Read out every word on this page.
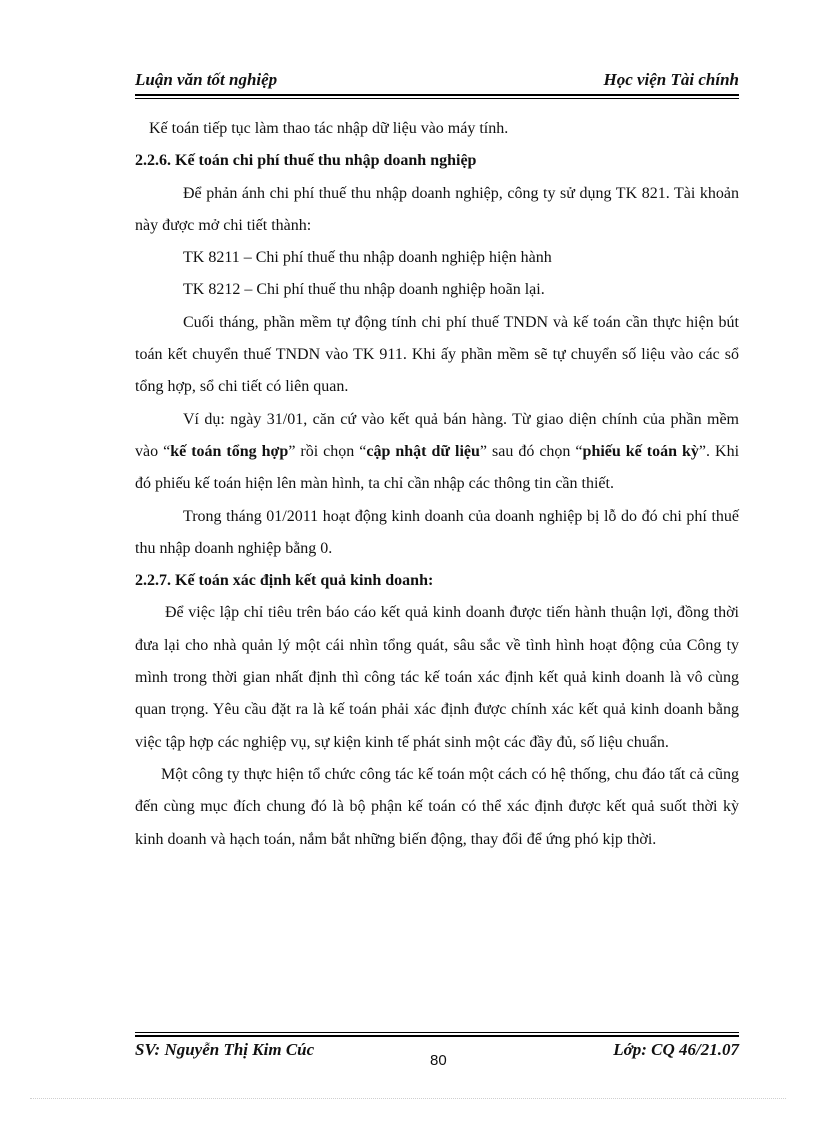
Luận văn tốt nghiệp	Học viện Tài chính

Kế toán tiếp tục làm thao tác nhập dữ liệu vào máy tính.

2.2.6. Kế toán chi phí thuế thu nhập doanh nghiệp

Để phản ánh chi phí thuế thu nhập doanh nghiệp, công ty sử dụng TK 821. Tài khoản này được mở chi tiết thành:

TK 8211 – Chi phí thuế thu nhập doanh nghiệp hiện hành

TK 8212 – Chi phí thuế thu nhập doanh nghiệp hoãn lại.

Cuối tháng, phần mềm tự động tính chi phí thuế TNDN và kế toán cần thực hiện bút toán kết chuyển thuế TNDN vào TK 911. Khi ấy phần mềm sẽ tự chuyển số liệu vào các sổ tổng hợp, sổ chi tiết có liên quan.

Ví dụ: ngày 31/01, căn cứ vào kết quả bán hàng. Từ giao diện chính của phần mềm vào “kế toán tổng hợp” rồi chọn “cập nhật dữ liệu” sau đó chọn “phiếu kế toán kỳ”. Khi đó phiếu kế toán hiện lên màn hình, ta chỉ cần nhập các thông tin cần thiết.

Trong tháng 01/2011 hoạt động kinh doanh của doanh nghiệp bị lỗ do đó chi phí thuế thu nhập doanh nghiệp bằng 0.

2.2.7. Kế toán xác định kết quả kinh doanh:

Để việc lập chỉ tiêu trên báo cáo kết quả kinh doanh được tiến hành thuận lợi, đồng thời đưa lại cho nhà quản lý một cái nhìn tổng quát, sâu sắc về tình hình hoạt động của Công ty mình trong thời gian nhất định thì công tác kế toán xác định kết quả kinh doanh là vô cùng quan trọng. Yêu cầu đặt ra là kế toán phải xác định được chính xác kết quả kinh doanh bằng việc tập hợp các nghiệp vụ, sự kiện kinh tế phát sinh một các đầy đủ, số liệu chuẩn.

Một công ty thực hiện tổ chức công tác kế toán một cách có hệ thống, chu đáo tất cả cũng đến cùng mục đích chung đó là bộ phận kế toán có thể xác định được kết quả suốt thời kỳ kinh doanh và hạch toán, nắm bắt những biến động, thay đổi để ứng phó kịp thời.

SV: Nguyễn Thị Kim Cúc
80
Lớp: CQ 46/21.07
